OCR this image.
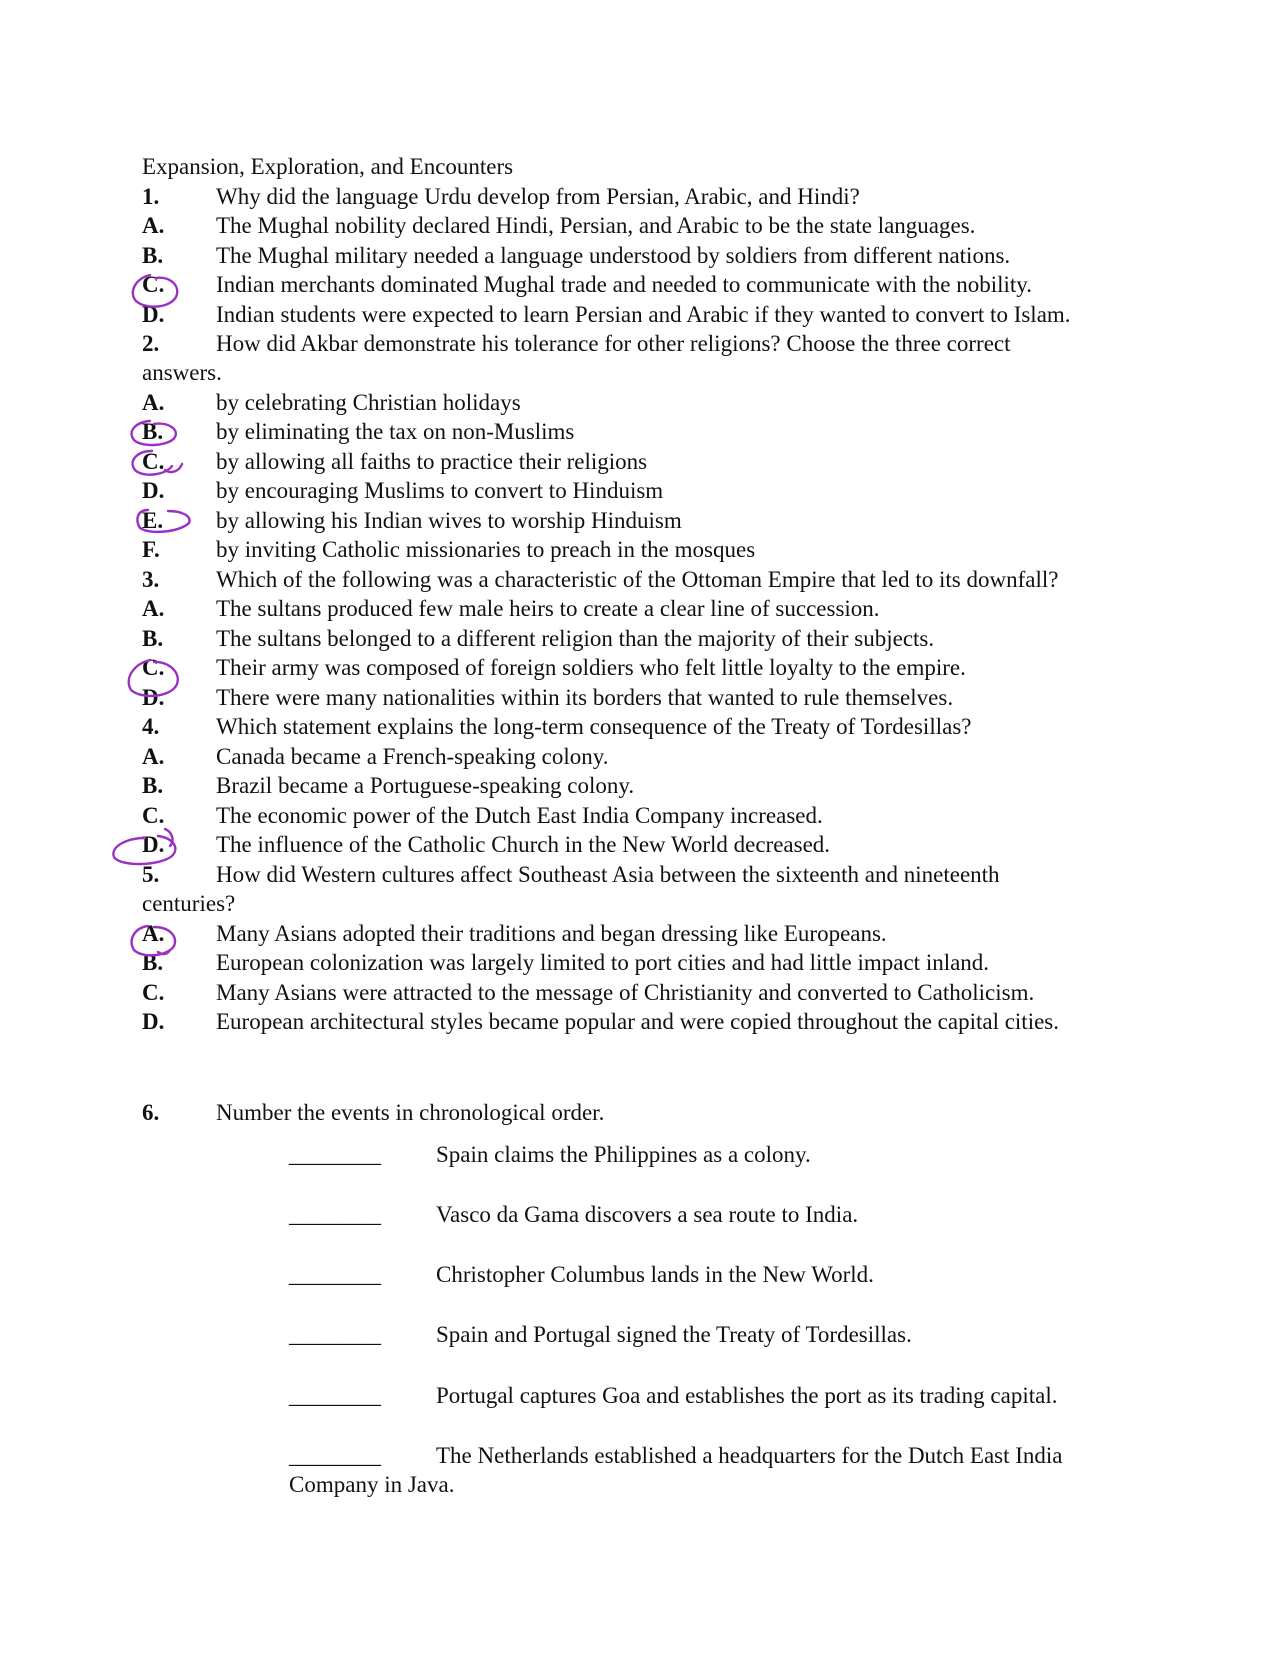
Expansion, Exploration, and Encounters
1. Why did the language Urdu develop from Persian, Arabic, and Hindi?
A. The Mughal nobility declared Hindi, Persian, and Arabic to be the state languages.
B. The Mughal military needed a language understood by soldiers from different nations.
C. Indian merchants dominated Mughal trade and needed to communicate with the nobility.
D. Indian students were expected to learn Persian and Arabic if they wanted to convert to Islam.
2. How did Akbar demonstrate his tolerance for other religions? Choose the three correct
answers.
A. by celebrating Christian holidays
B. by eliminating the tax on non-Muslims
C. by allowing all faiths to practice their religions
D. by encouraging Muslims to convert to Hinduism
E. by allowing his Indian wives to worship Hinduism
F. by inviting Catholic missionaries to preach in the mosques
3. Which of the following was a characteristic of the Ottoman Empire that led to its downfall?
A. The sultans produced few male heirs to create a clear line of succession.
B. The sultans belonged to a different religion than the majority of their subjects.
C. Their army was composed of foreign soldiers who felt little loyalty to the empire.
D. There were many nationalities within its borders that wanted to rule themselves.
4. Which statement explains the long-term consequence of the Treaty of Tordesillas?
A. Canada became a French-speaking colony.
B. Brazil became a Portuguese-speaking colony.
C. The economic power of the Dutch East India Company increased.
D. The influence of the Catholic Church in the New World decreased.
5. How did Western cultures affect Southeast Asia between the sixteenth and nineteenth
centuries?
A. Many Asians adopted their traditions and began dressing like Europeans.
B. European colonization was largely limited to port cities and had little impact inland.
C. Many Asians were attracted to the message of Christianity and converted to Catholicism.
D. European architectural styles became popular and were copied throughout the capital cities.
6. Number the events in chronological order.
________ Spain claims the Philippines as a colony.
________ Vasco da Gama discovers a sea route to India.
________ Christopher Columbus lands in the New World.
________ Spain and Portugal signed the Treaty of Tordesillas.
________ Portugal captures Goa and establishes the port as its trading capital.
________ The Netherlands established a headquarters for the Dutch East India
Company in Java.
